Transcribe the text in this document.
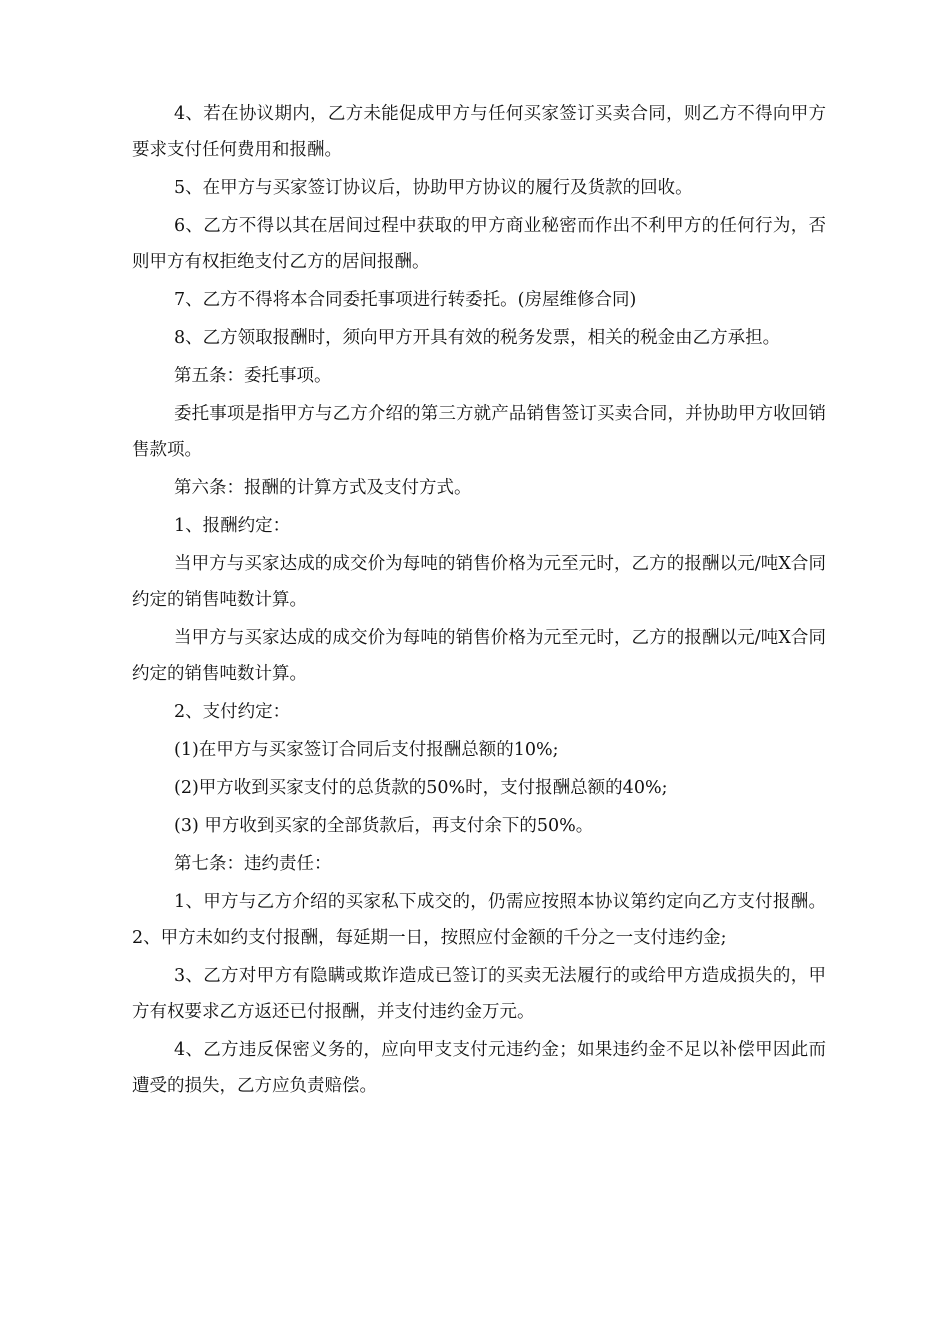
4、若在协议期内，乙方未能促成甲方与任何买家签订买卖合同，则乙方不得向甲方要求支付任何费用和报酬。

5、在甲方与买家签订协议后，协助甲方协议的履行及货款的回收。

6、乙方不得以其在居间过程中获取的甲方商业秘密而作出不利甲方的任何行为，否则甲方有权拒绝支付乙方的居间报酬。

7、乙方不得将本合同委托事项进行转委托。(房屋维修合同)

8、乙方领取报酬时，须向甲方开具有效的税务发票，相关的税金由乙方承担。

第五条：委托事项。

委托事项是指甲方与乙方介绍的第三方就产品销售签订买卖合同，并协助甲方收回销售款项。

第六条：报酬的计算方式及支付方式。

1、报酬约定：

当甲方与买家达成的成交价为每吨的销售价格为元至元时，乙方的报酬以元/吨X合同约定的销售吨数计算。

当甲方与买家达成的成交价为每吨的销售价格为元至元时，乙方的报酬以元/吨X合同约定的销售吨数计算。

2、支付约定：

(1)在甲方与买家签订合同后支付报酬总额的10%;

(2)甲方收到买家支付的总货款的50%时，支付报酬总额的40%;

(3) 甲方收到买家的全部货款后，再支付余下的50%。

第七条：违约责任：

1、甲方与乙方介绍的买家私下成交的，仍需应按照本协议第约定向乙方支付报酬。2、甲方未如约支付报酬，每延期一日，按照应付金额的千分之一支付违约金;

3、乙方对甲方有隐瞒或欺诈造成已签订的买卖无法履行的或给甲方造成损失的，甲方有权要求乙方返还已付报酬，并支付违约金万元。

4、乙方违反保密义务的，应向甲支支付元违约金；如果违约金不足以补偿甲因此而遭受的损失，乙方应负责赔偿。
